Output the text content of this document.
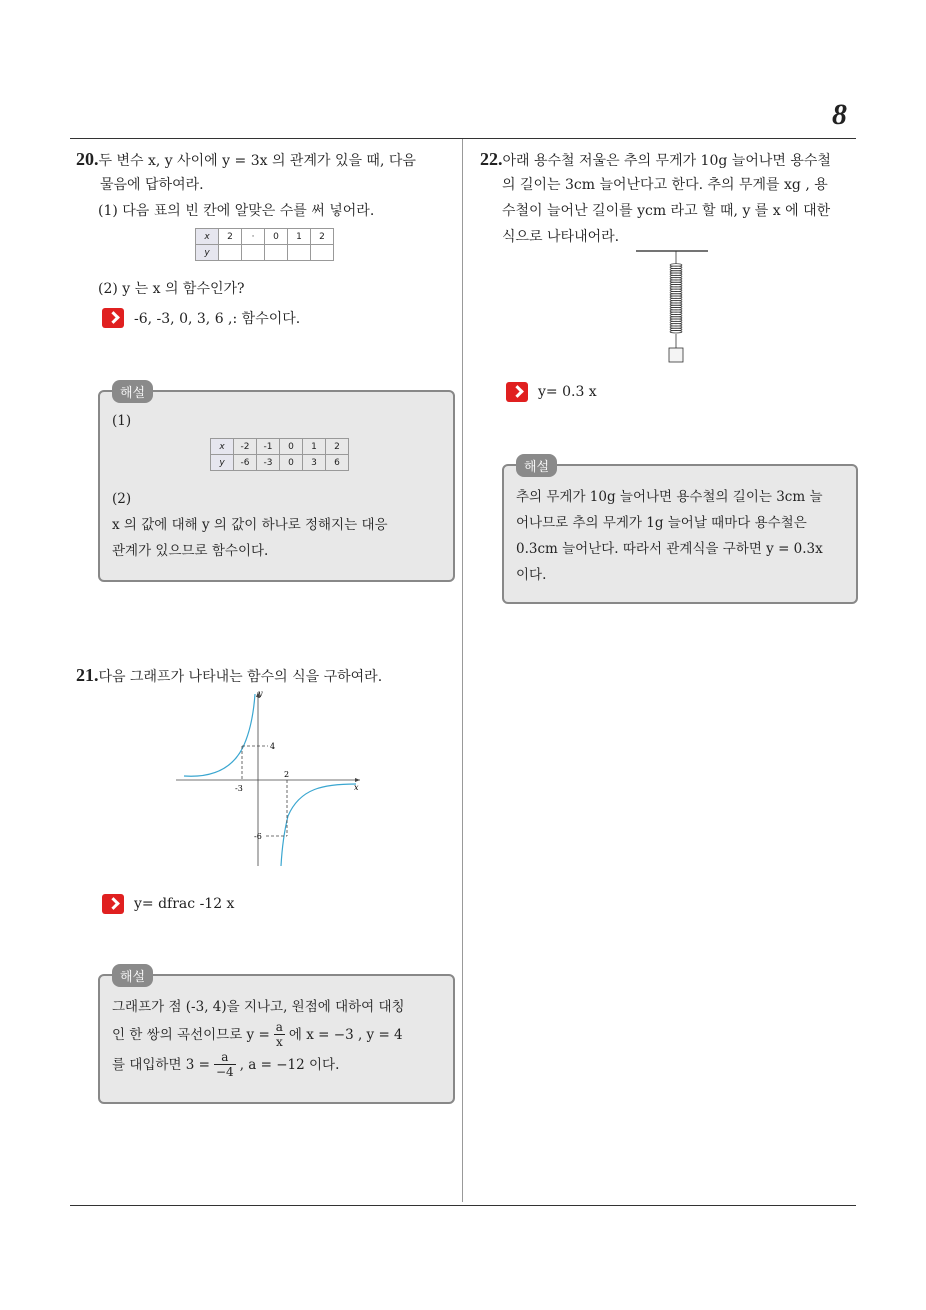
8
20.두 변수 x, y 사이에 y = 3x 의 관계가 있을 때, 다음
물음에 답하여라.
(1) 다음 표의 빈 칸에 알맞은 수를 써 넣어라.
x	2	·	0	1	2
y					
(2) y 는 x 의 함수인가?
-6, -3, 0, 3, 6 ,: 함수이다.
해설
(1)
x	-2	-1	0	1	2
y	-6	-3	0	3	6
(2)
x 의 값에 대해 y 의 값이 하나로 정해지는 대응
관계가 있으므로 함수이다.
21.다음 그래프가 나타내는 함수의 식을 구하여라.
y
x
4
-3
2
-6
y= dfrac -12 x
해설
그래프가 점 (-3, 4)을 지나고, 원점에 대하여 대칭
인 한 쌍의 곡선이므로 $y = \frac{a}{x}$ 에 x = −3 , y = 4
를 대입하면 $3 = \frac{a}{-4}$ , a = −12 이다.
22.아래 용수철 저울은 추의 무게가 10g 늘어나면 용수철
의 길이는 3cm 늘어난다고 한다. 추의 무게를 xg , 용
수철이 늘어난 길이를 ycm 라고 할 때, y 를 x 에 대한
식으로 나타내어라.
y= 0.3 x
해설
추의 무게가 10g 늘어나면 용수철의 길이는 3cm 늘
어나므로 추의 무게가 1g 늘어날 때마다 용수철은
0.3cm 늘어난다. 따라서 관계식을 구하면 y = 0.3x
이다.
